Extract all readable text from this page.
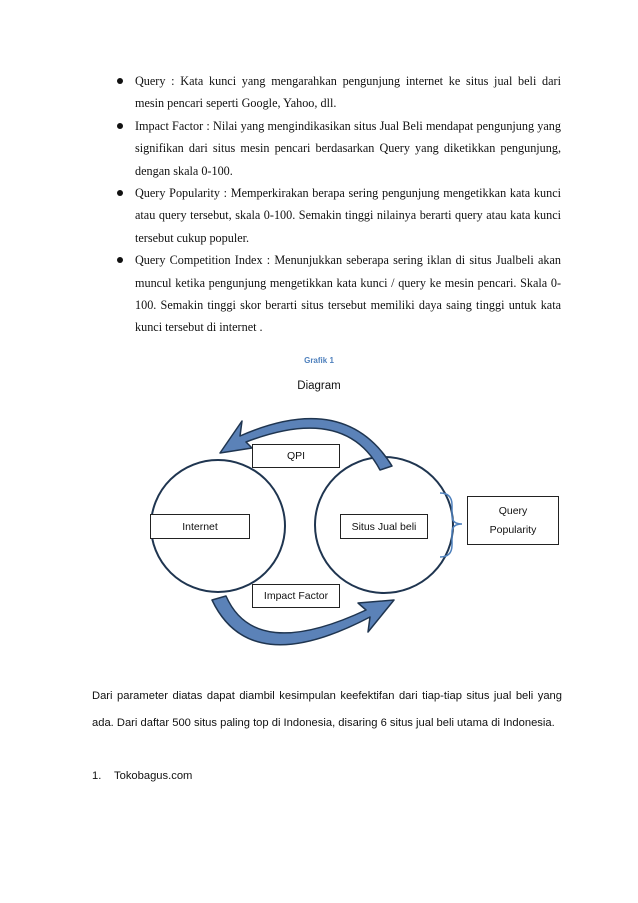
Query : Kata kunci yang mengarahkan pengunjung internet ke situs jual beli dari mesin pencari seperti Google, Yahoo, dll.
Impact Factor : Nilai yang mengindikasikan situs Jual Beli mendapat pengunjung yang signifikan dari situs mesin pencari berdasarkan Query yang diketikkan pengunjung, dengan skala 0-100.
Query Popularity : Memperkirakan berapa sering pengunjung mengetikkan kata kunci atau query tersebut, skala 0-100. Semakin tinggi nilainya berarti query atau kata kunci tersebut cukup populer.
Query Competition Index : Menunjukkan seberapa sering iklan di situs Jualbeli akan muncul ketika pengunjung mengetikkan kata kunci / query ke mesin pencari. Skala 0-100. Semakin tinggi skor berarti situs tersebut memiliki daya saing tinggi untuk kata kunci tersebut di internet .
Grafik 1
Diagram
QPI
Internet	Situs Jual beli
Impact Factor
Query Popularity

Dari parameter diatas dapat diambil kesimpulan keefektifan dari tiap-tiap situs jual beli yang ada. Dari daftar 500 situs paling top di Indonesia, disaring 6 situs jual beli utama di Indonesia.

1. Tokobagus.com
